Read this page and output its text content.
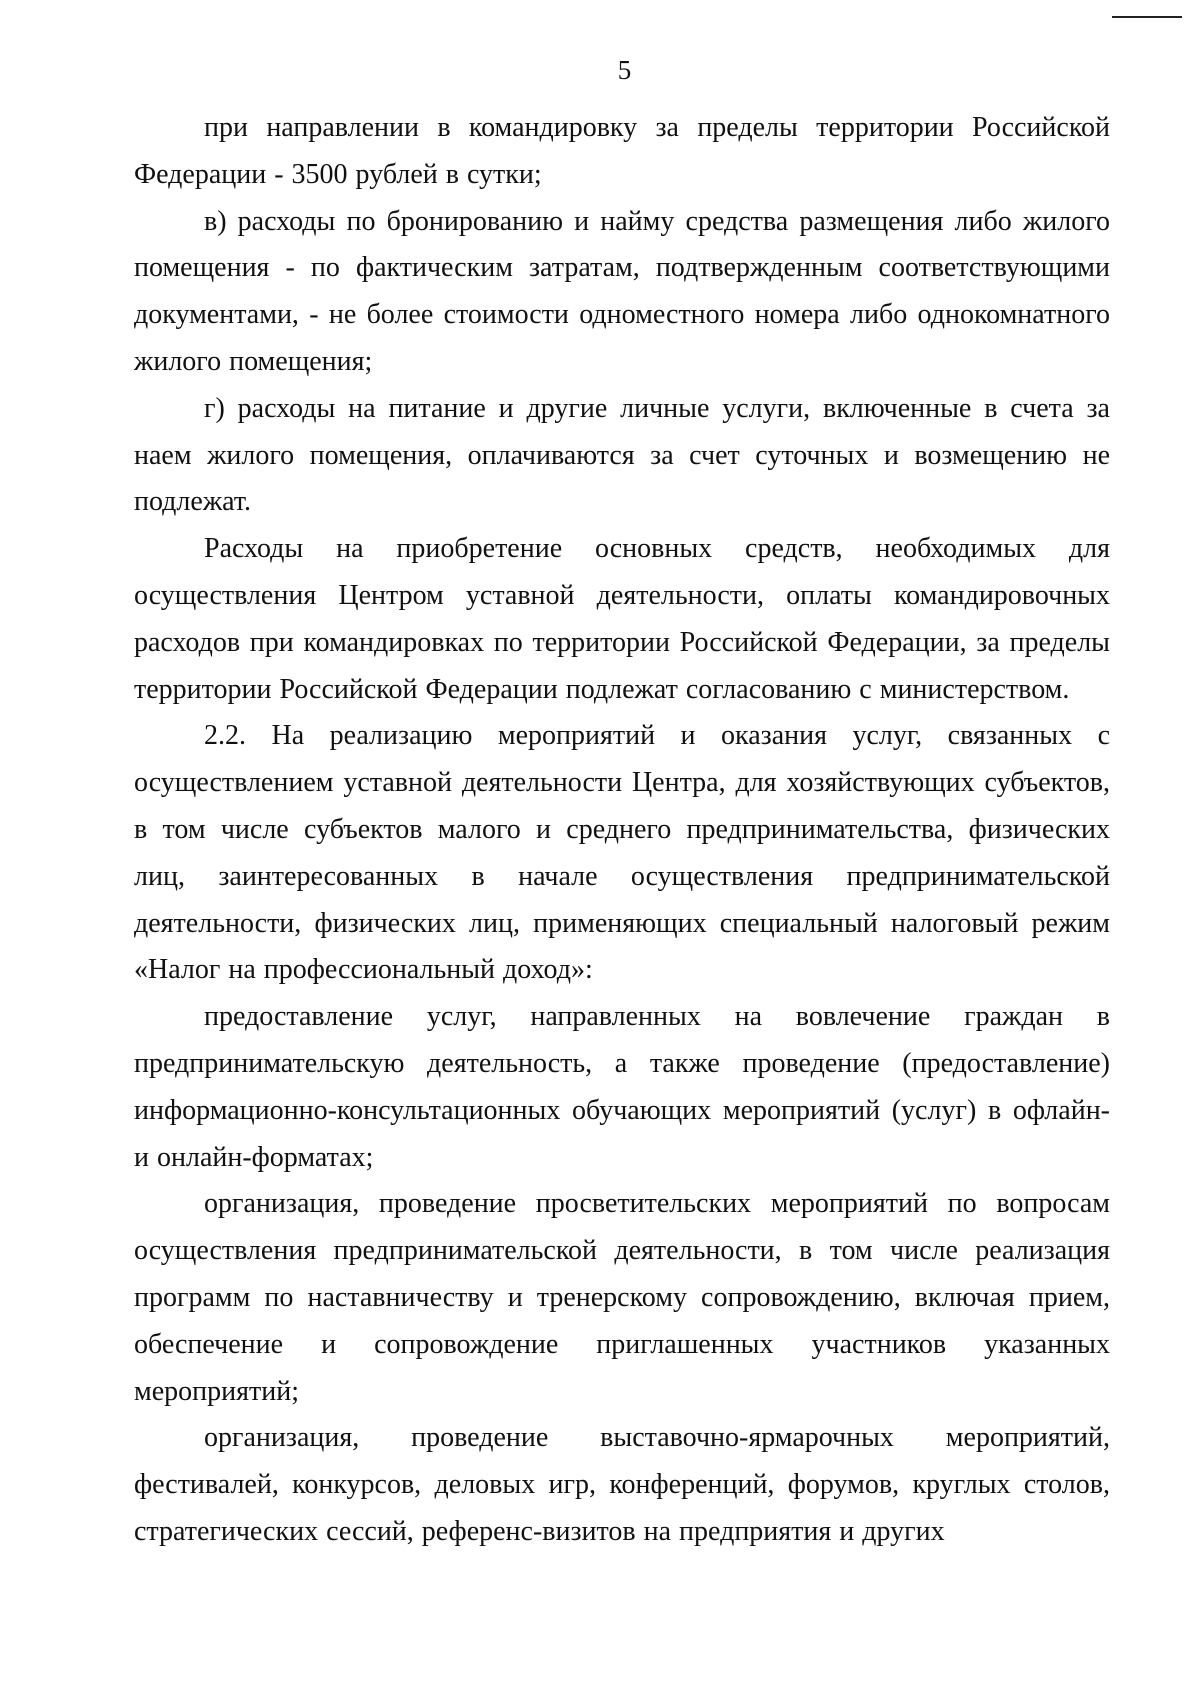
5

при направлении в командировку за пределы территории Российской Федерации - 3500 рублей в сутки;

в) расходы по бронированию и найму средства размещения либо жилого помещения - по фактическим затратам, подтвержденным соответствующими документами, - не более стоимости одноместного номера либо однокомнатного жилого помещения;

г) расходы на питание и другие личные услуги, включенные в счета за наем жилого помещения, оплачиваются за счет суточных и возмещению не подлежат.

Расходы на приобретение основных средств, необходимых для осуществления Центром уставной деятельности, оплаты командировочных расходов при командировках по территории Российской Федерации, за пределы территории Российской Федерации подлежат согласованию с министерством.

2.2. На реализацию мероприятий и оказания услуг, связанных с осуществлением уставной деятельности Центра, для хозяйствующих субъектов, в том числе субъектов малого и среднего предпринимательства, физических лиц, заинтересованных в начале осуществления предпринимательской деятельности, физических лиц, применяющих специальный налоговый режим «Налог на профессиональный доход»:

предоставление услуг, направленных на вовлечение граждан в предпринимательскую деятельность, а также проведение (предоставление) информационно-консультационных обучающих мероприятий (услуг) в офлайн- и онлайн-форматах;

организация, проведение просветительских мероприятий по вопросам осуществления предпринимательской деятельности, в том числе реализация программ по наставничеству и тренерскому сопровождению, включая прием, обеспечение и сопровождение приглашенных участников указанных мероприятий;

организация, проведение выставочно-ярмарочных мероприятий, фестивалей, конкурсов, деловых игр, конференций, форумов, круглых столов, стратегических сессий, референс-визитов на предприятия и других
